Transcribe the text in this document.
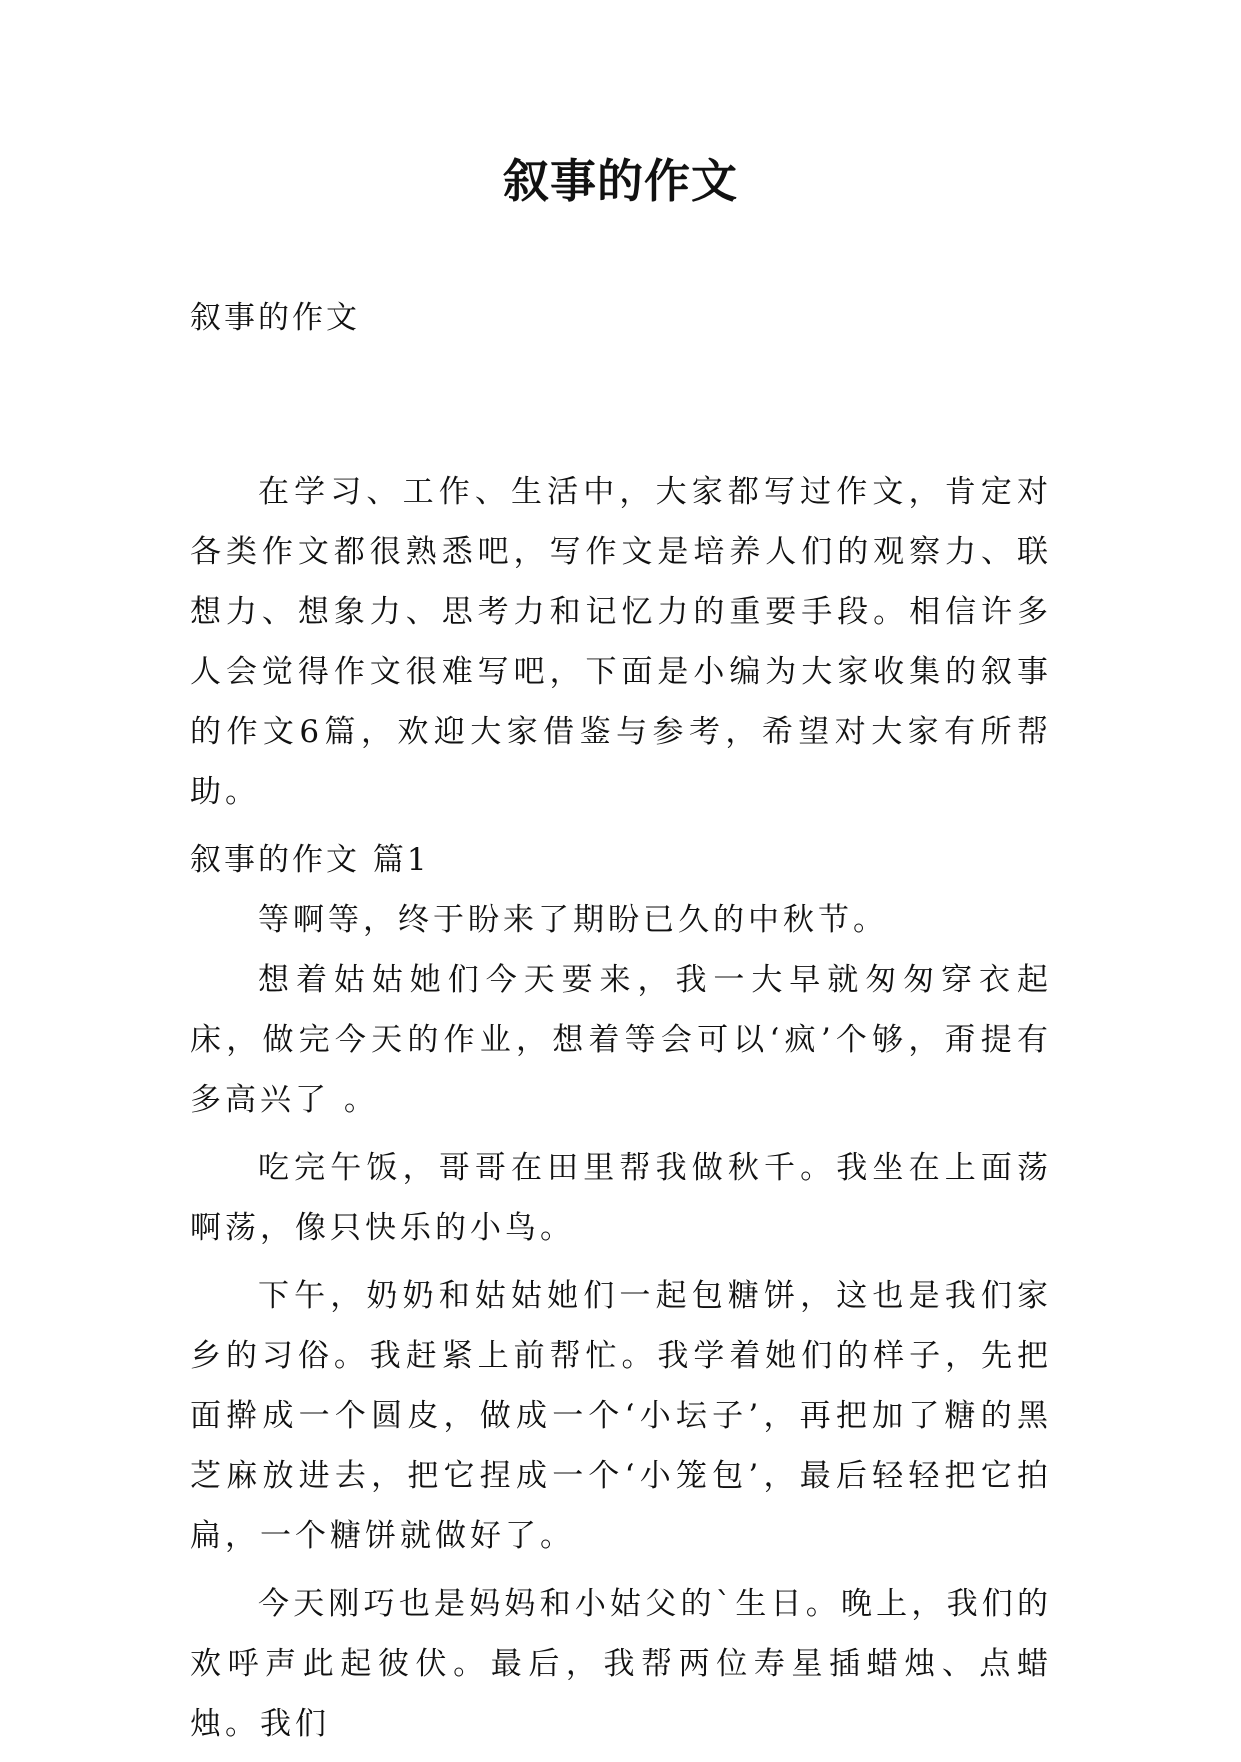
叙事的作文

叙事的作文

在学习、工作、生活中，大家都写过作文，肯定对各类作文都很熟悉吧，写作文是培养人们的观察力、联想力、想象力、思考力和记忆力的重要手段。相信许多人会觉得作文很难写吧，下面是小编为大家收集的叙事的作文6篇，欢迎大家借鉴与参考，希望对大家有所帮助。

叙事的作文 篇1

等啊等，终于盼来了期盼已久的中秋节。

想着姑姑她们今天要来，我一大早就匆匆穿衣起床，做完今天的作业，想着等会可以‘疯’个够，甭提有多高兴了 。

吃完午饭，哥哥在田里帮我做秋千。我坐在上面荡啊荡，像只快乐的小鸟。

下午，奶奶和姑姑她们一起包糖饼，这也是我们家乡的习俗。我赶紧上前帮忙。我学着她们的样子，先把面擀成一个圆皮，做成一个‘小坛子’，再把加了糖的黑芝麻放进去，把它捏成一个‘小笼包’，最后轻轻把它拍扁，一个糖饼就做好了。

今天刚巧也是妈妈和小姑父的`生日。晚上，我们的欢呼声此起彼伏。最后，我帮两位寿星插蜡烛、点蜡烛。我们
